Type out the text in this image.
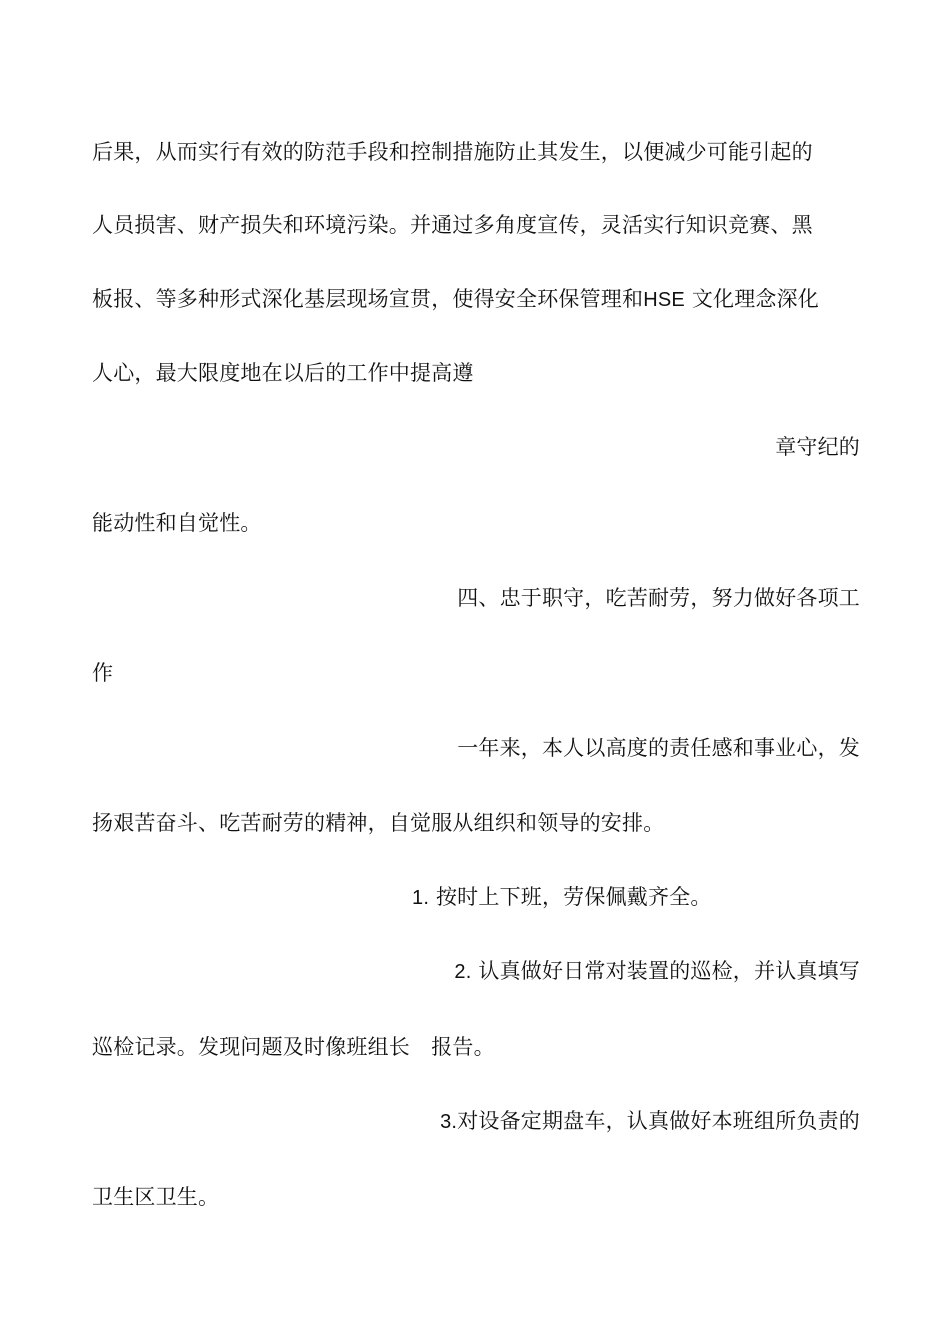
后果，从而实行有效的防范手段和控制措施防止其发生，以便减少可能引起的
人员损害、财产损失和环境污染。并通过多角度宣传，灵活实行知识竞赛、黑
板报、等多种形式深化基层现场宣贯，使得安全环保管理和HSE 文化理念深化
人心，最大限度地在以后的工作中提高遵
章守纪的
能动性和自觉性。
四、忠于职守，吃苦耐劳，努力做好各项工
作
一年来，本人以高度的责任感和事业心，发
扬艰苦奋斗、吃苦耐劳的精神，自觉服从组织和领导的安排。
1. 按时上下班，劳保佩戴齐全。
2. 认真做好日常对装置的巡检，并认真填写
巡检记录。发现问题及时像班组长　报告。
3.对设备定期盘车，认真做好本班组所负责的
卫生区卫生。
